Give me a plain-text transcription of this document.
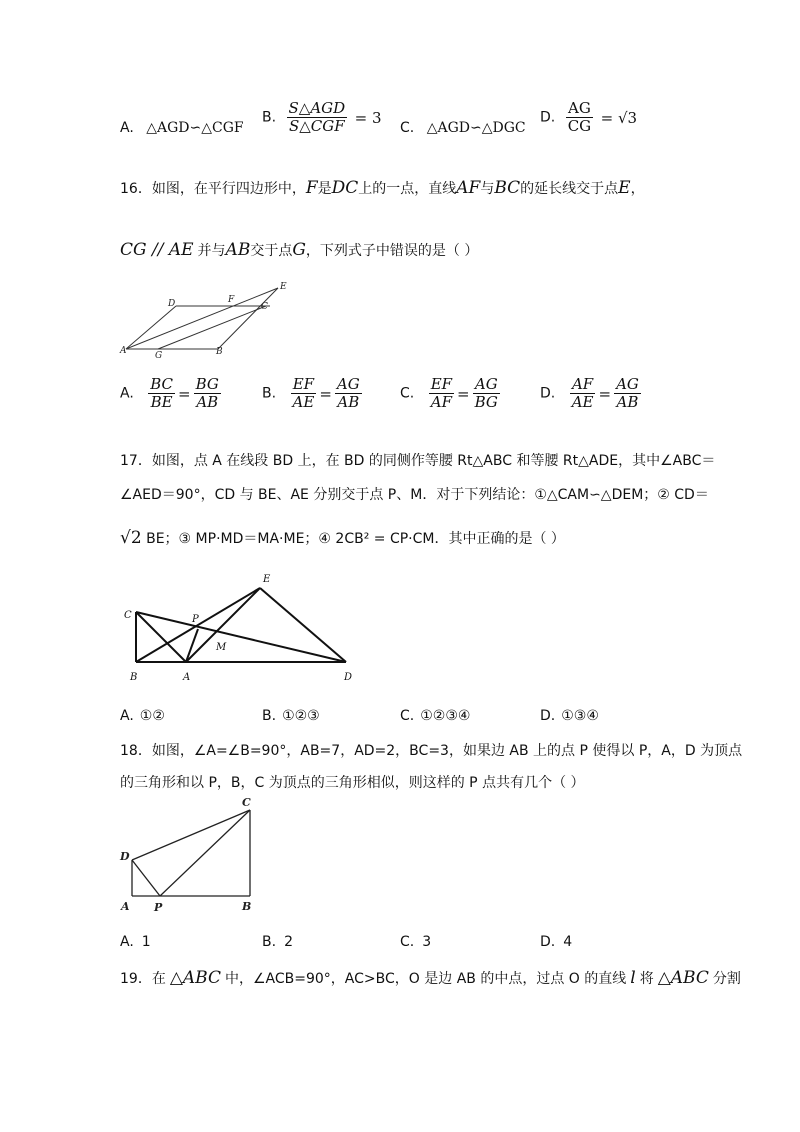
A. △AGD∽△CGF
B. $\frac{\text{S△AGD}}{\text{S△CGF}} = 3$
C. △AGD∽△DGC
D. $\frac{AG}{CG} = √3$
16．如图，在平行四边形中，F是DC上的一点，直线AF与BC的延长线交于点E，
CG // AE 并与AB交于点G，下列式子中错误的是（ ）
D	F
E
C
A	G	B
A. $\frac{BC}{BE} = \frac{BG}{AB}$	B. $\frac{EF}{AE} = \frac{AG}{AB}$	C. $\frac{EF}{AF} = \frac{AG}{BG}$	D. $\frac{AF}{AE} = \frac{AG}{AB}$
17．如图，点 A 在线段 BD 上，在 BD 的同侧作等腰 Rt△ABC 和等腰 Rt△ADE，其中∠ABC＝
∠AED＝90°，CD 与 BE、AE 分别交于点 P、M．对于下列结论：①△CAM∽△DEM；② CD＝
√2 BE；③ MP·MD＝MA·ME；④ 2CB² = CP·CM．其中正确的是（ ）
E
C	P
M
B	A	D
A. ①②	B. ①②③	C. ①②③④	D. ①③④
18．如图，∠A=∠B=90°，AB=7，AD=2，BC=3，如果边 AB 上的点 P 使得以 P，A，D 为顶点
的三角形和以 P，B，C 为顶点的三角形相似，则这样的 P 点共有几个（ ）
C
D
A P	B
A. 1	B. 2	C. 3	D. 4
19．在 △ABC 中，∠ACB=90°，AC>BC，O 是边 AB 的中点，过点 O 的直线 l 将 △ABC 分割
